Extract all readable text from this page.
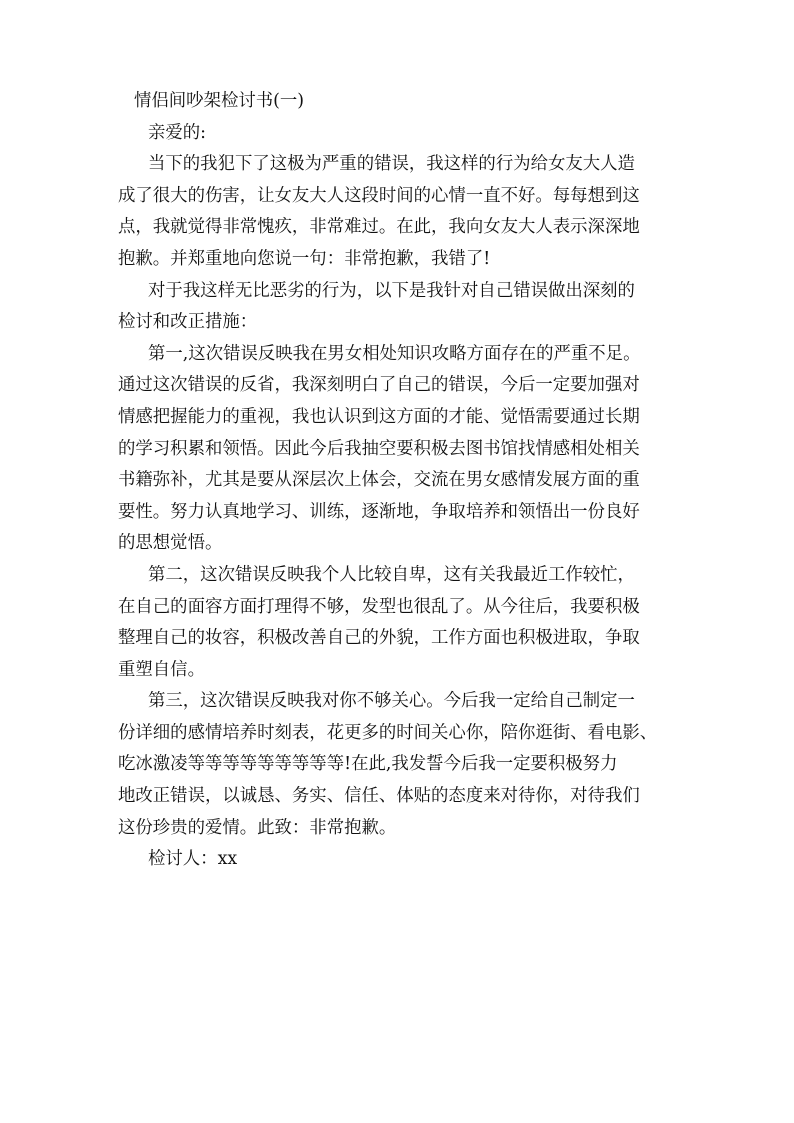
情侣间吵架检讨书(一)
亲爱的:
当下的我犯下了这极为严重的错误，我这样的行为给女友大人造
成了很大的伤害，让女友大人这段时间的心情一直不好。每每想到这
点，我就觉得非常愧疚，非常难过。在此，我向女友大人表示深深地
抱歉。并郑重地向您说一句：非常抱歉，我错了!
对于我这样无比恶劣的行为，以下是我针对自己错误做出深刻的
检讨和改正措施：
第一,这次错误反映我在男女相处知识攻略方面存在的严重不足。
通过这次错误的反省，我深刻明白了自己的错误，今后一定要加强对
情感把握能力的重视，我也认识到这方面的才能、觉悟需要通过长期
的学习积累和领悟。因此今后我抽空要积极去图书馆找情感相处相关
书籍弥补，尤其是要从深层次上体会，交流在男女感情发展方面的重
要性。努力认真地学习、训练，逐渐地，争取培养和领悟出一份良好
的思想觉悟。
第二，这次错误反映我个人比较自卑，这有关我最近工作较忙，
在自己的面容方面打理得不够，发型也很乱了。从今往后，我要积极
整理自己的妆容，积极改善自己的外貌，工作方面也积极进取，争取
重塑自信。
第三，这次错误反映我对你不够关心。今后我一定给自己制定一
份详细的感情培养时刻表，花更多的时间关心你，陪你逛街、看电影、
吃冰激凌等等等等等等等等等!在此,我发誓今后我一定要积极努力
地改正错误，以诚恳、务实、信任、体贴的态度来对待你，对待我们
这份珍贵的爱情。此致：非常抱歉。
检讨人：xx
